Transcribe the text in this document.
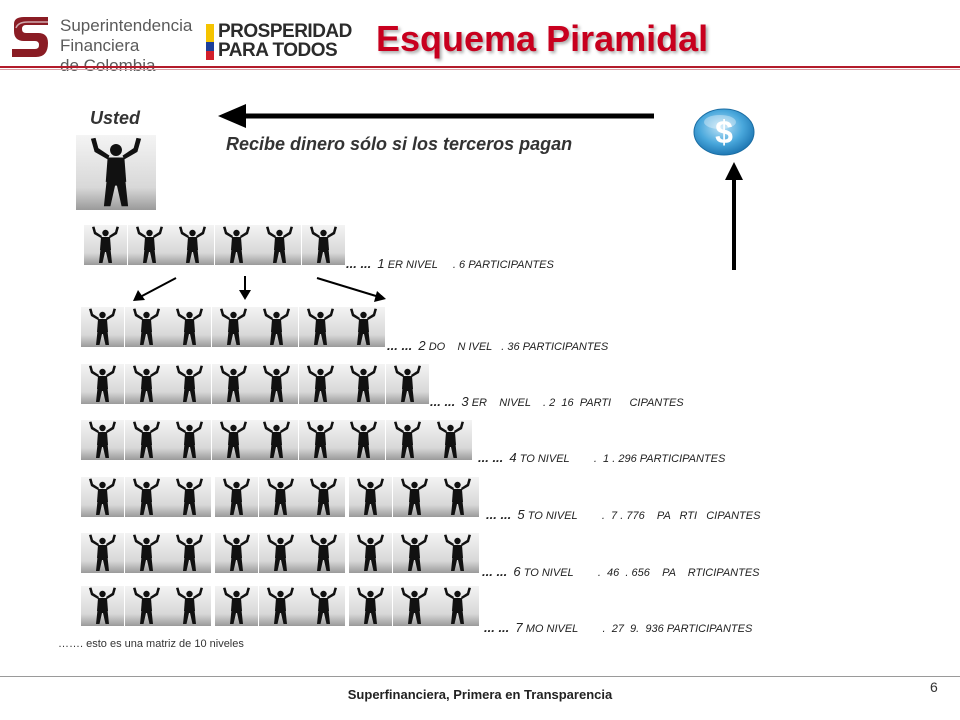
Superintendencia
Financiera
PROSPERIDAD
PARA TODOS	Esquema Piramidal
Usted
Recibe dinero sólo si los terceros pagan	$
... ... 1 ER NIVEL     . 6 PARTICIPANTES
... ... 2 DO    N IVEL   . 36 PARTICIPANTES
... ... 3 ER    NIVEL    . 2  16  PARTI      CIPANTES
... ... 4 TO NIVEL        .  1 . 296 PARTICIPANTES
... ... 5 TO NIVEL        .  7 . 776    PA   RTI   CIPANTES
... ... 6 TO NIVEL        .  46  . 656    PA    RTICIPANTES
... ... 7 MO NIVEL        .  27  9.  936 PARTICIPANTES
……. esto es una matriz de 10 niveles
Superfinanciera, Primera en Transparencia	6
